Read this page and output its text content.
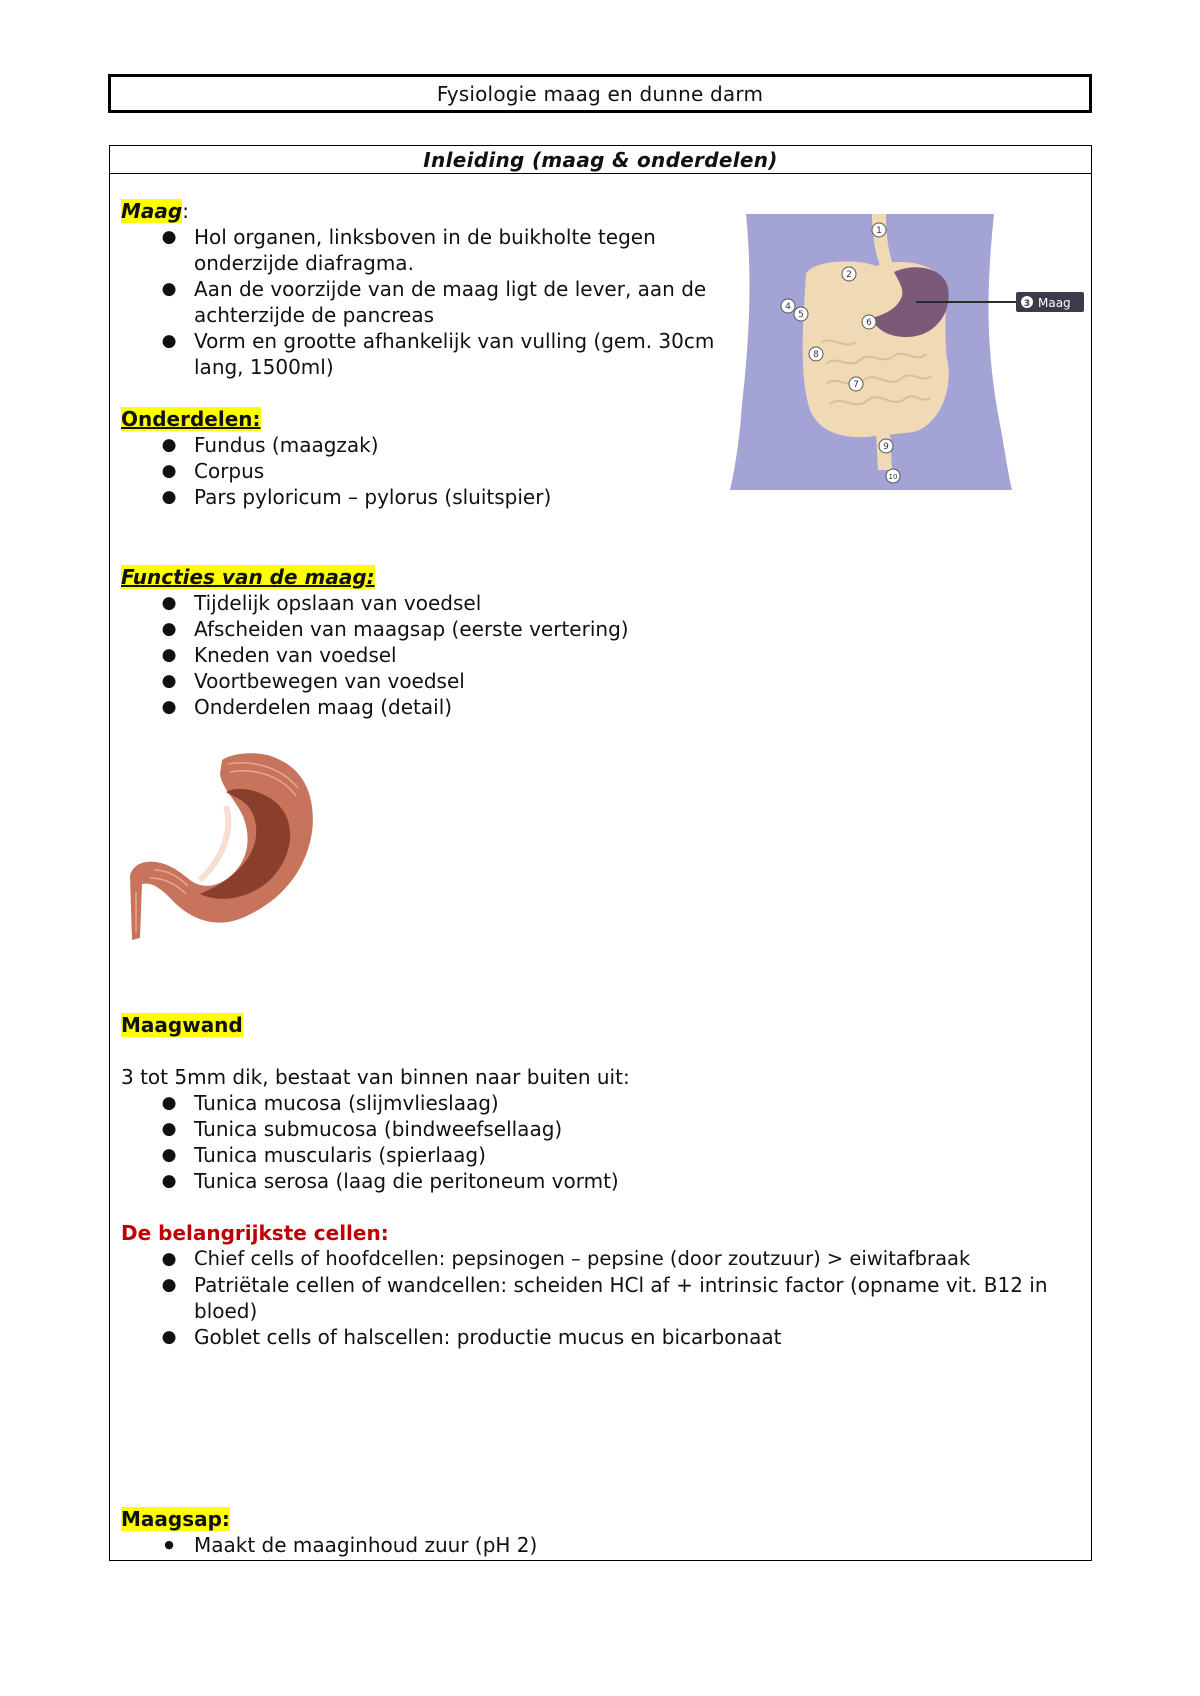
Fysiologie maag en dunne darm
Inleiding (maag & onderdelen)
Maag:
● Hol organen, linksboven in de buikholte tegen onderzijde diafragma.
● Aan de voorzijde van de maag ligt de lever, aan de achterzijde de pancreas
● Vorm en grootte afhankelijk van vulling (gem. 30cm lang, 1500ml)
Onderdelen:
● Fundus (maagzak)
● Corpus
● Pars pyloricum – pylorus (sluitspier)
Functies van de maag:
● Tijdelijk opslaan van voedsel
● Afscheiden van maagsap (eerste vertering)
● Kneden van voedsel
● Voortbewegen van voedsel
● Onderdelen maag (detail)
Maagwand
3 tot 5mm dik, bestaat van binnen naar buiten uit:
● Tunica mucosa (slijmvlieslaag)
● Tunica submucosa (bindweefsellaag)
● Tunica muscularis (spierlaag)
● Tunica serosa (laag die peritoneum vormt)
De belangrijkste cellen:
● Chief cells of hoofdcellen: pepsinogen – pepsine (door zoutzuur) > eiwitafbraak
● Patriëtale cellen of wandcellen: scheiden HCl af + intrinsic factor (opname vit. B12 in bloed)
● Goblet cells of halscellen: productie mucus en bicarbonaat
Maagsap:
● Maakt de maaginhoud zuur (pH 2)
3 Maag
1
2
4
5
6
7
8
9
10
